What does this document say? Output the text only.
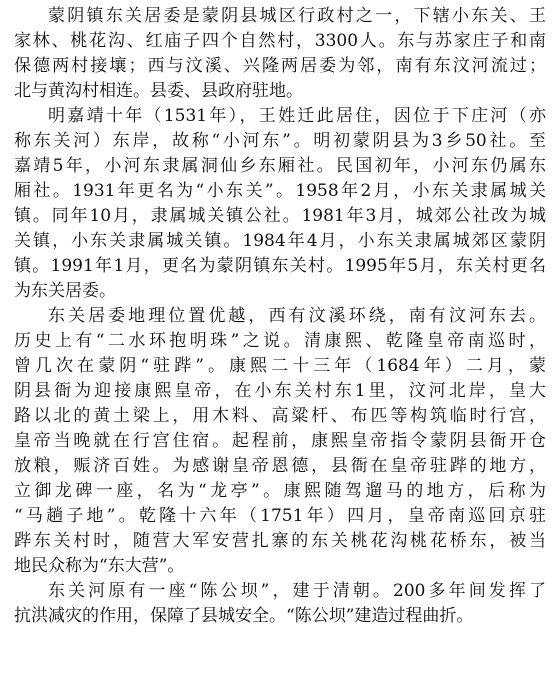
蒙阴镇东关居委是蒙阴县城区行政村之一，下辖小东关、王
家林、桃花沟、红庙子四个自然村，3300人。东与苏家庄子和南
保德两村接壤；西与汶溪、兴隆两居委为邻，南有东汶河流过；
北与黄沟村相连。县委、县政府驻地。
明嘉靖十年（1531年），王姓迁此居住，因位于下庄河（亦
称东关河）东岸，故称“小河东”。明初蒙阴县为3乡50社。至
嘉靖5年，小河东隶属洞仙乡东厢社。民国初年，小河东仍属东
厢社。1931年更名为“小东关”。1958年2月，小东关隶属城关
镇。同年10月，隶属城关镇公社。1981年3月，城郊公社改为城
关镇，小东关隶属城关镇。1984年4月，小东关隶属城郊区蒙阴
镇。1991年1月，更名为蒙阴镇东关村。1995年5月，东关村更名
为东关居委。
东关居委地理位置优越，西有汶溪环绕，南有汶河东去。
历史上有“二水环抱明珠”之说。清康熙、乾隆皇帝南巡时，
曾几次在蒙阴“驻跸”。康熙二十三年（1684年）二月，蒙
阴县衙为迎接康熙皇帝，在小东关村东1里，汶河北岸，皇大
路以北的黄土梁上，用木料、高粱杆、布匹等构筑临时行宫，
皇帝当晚就在行宫住宿。起程前，康熙皇帝指令蒙阴县衙开仓
放粮，赈济百姓。为感谢皇帝恩德，县衙在皇帝驻跸的地方，
立御龙碑一座，名为“龙亭”。康熙随驾遛马的地方，后称为
“马趟子地”。乾隆十六年（1751年）四月，皇帝南巡回京驻
跸东关村时，随营大军安营扎寨的东关桃花沟桃花桥东，被当
地民众称为“东大营”。
东关河原有一座“陈公坝”，建于清朝。200多年间发挥了
抗洪减灾的作用，保障了县城安全。“陈公坝”建造过程曲折。
